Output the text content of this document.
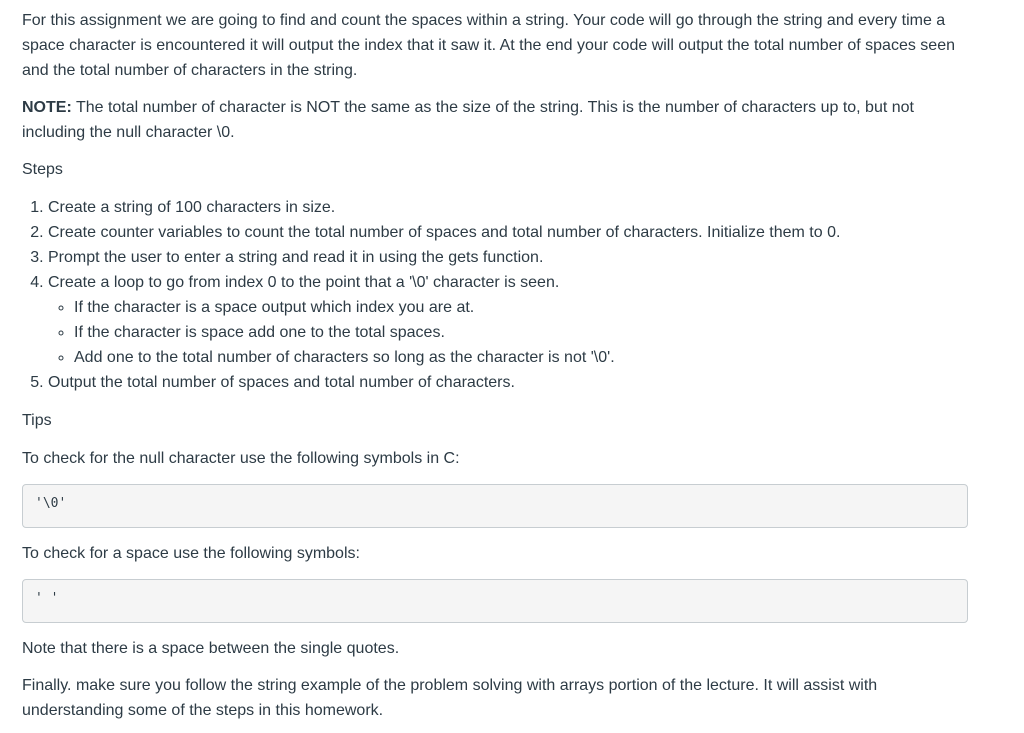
For this assignment we are going to find and count the spaces within a string. Your code will go through the string and every time a space character is encountered it will output the index that it saw it. At the end your code will output the total number of spaces seen and the total number of characters in the string.

NOTE: The total number of character is NOT the same as the size of the string. This is the number of characters up to, but not including the null character \0.

Steps

1. Create a string of 100 characters in size.
2. Create counter variables to count the total number of spaces and total number of characters. Initialize them to 0.
3. Prompt the user to enter a string and read it in using the gets function.
4. Create a loop to go from index 0 to the point that a '\0' character is seen.
◦ If the character is a space output which index you are at.
◦ If the character is space add one to the total spaces.
◦ Add one to the total number of characters so long as the character is not '\0'.
5. Output the total number of spaces and total number of characters.

Tips

To check for the null character use the following symbols in C:

'\0'

To check for a space use the following symbols:

' '

Note that there is a space between the single quotes.

Finally. make sure you follow the string example of the problem solving with arrays portion of the lecture. It will assist with understanding some of the steps in this homework.
